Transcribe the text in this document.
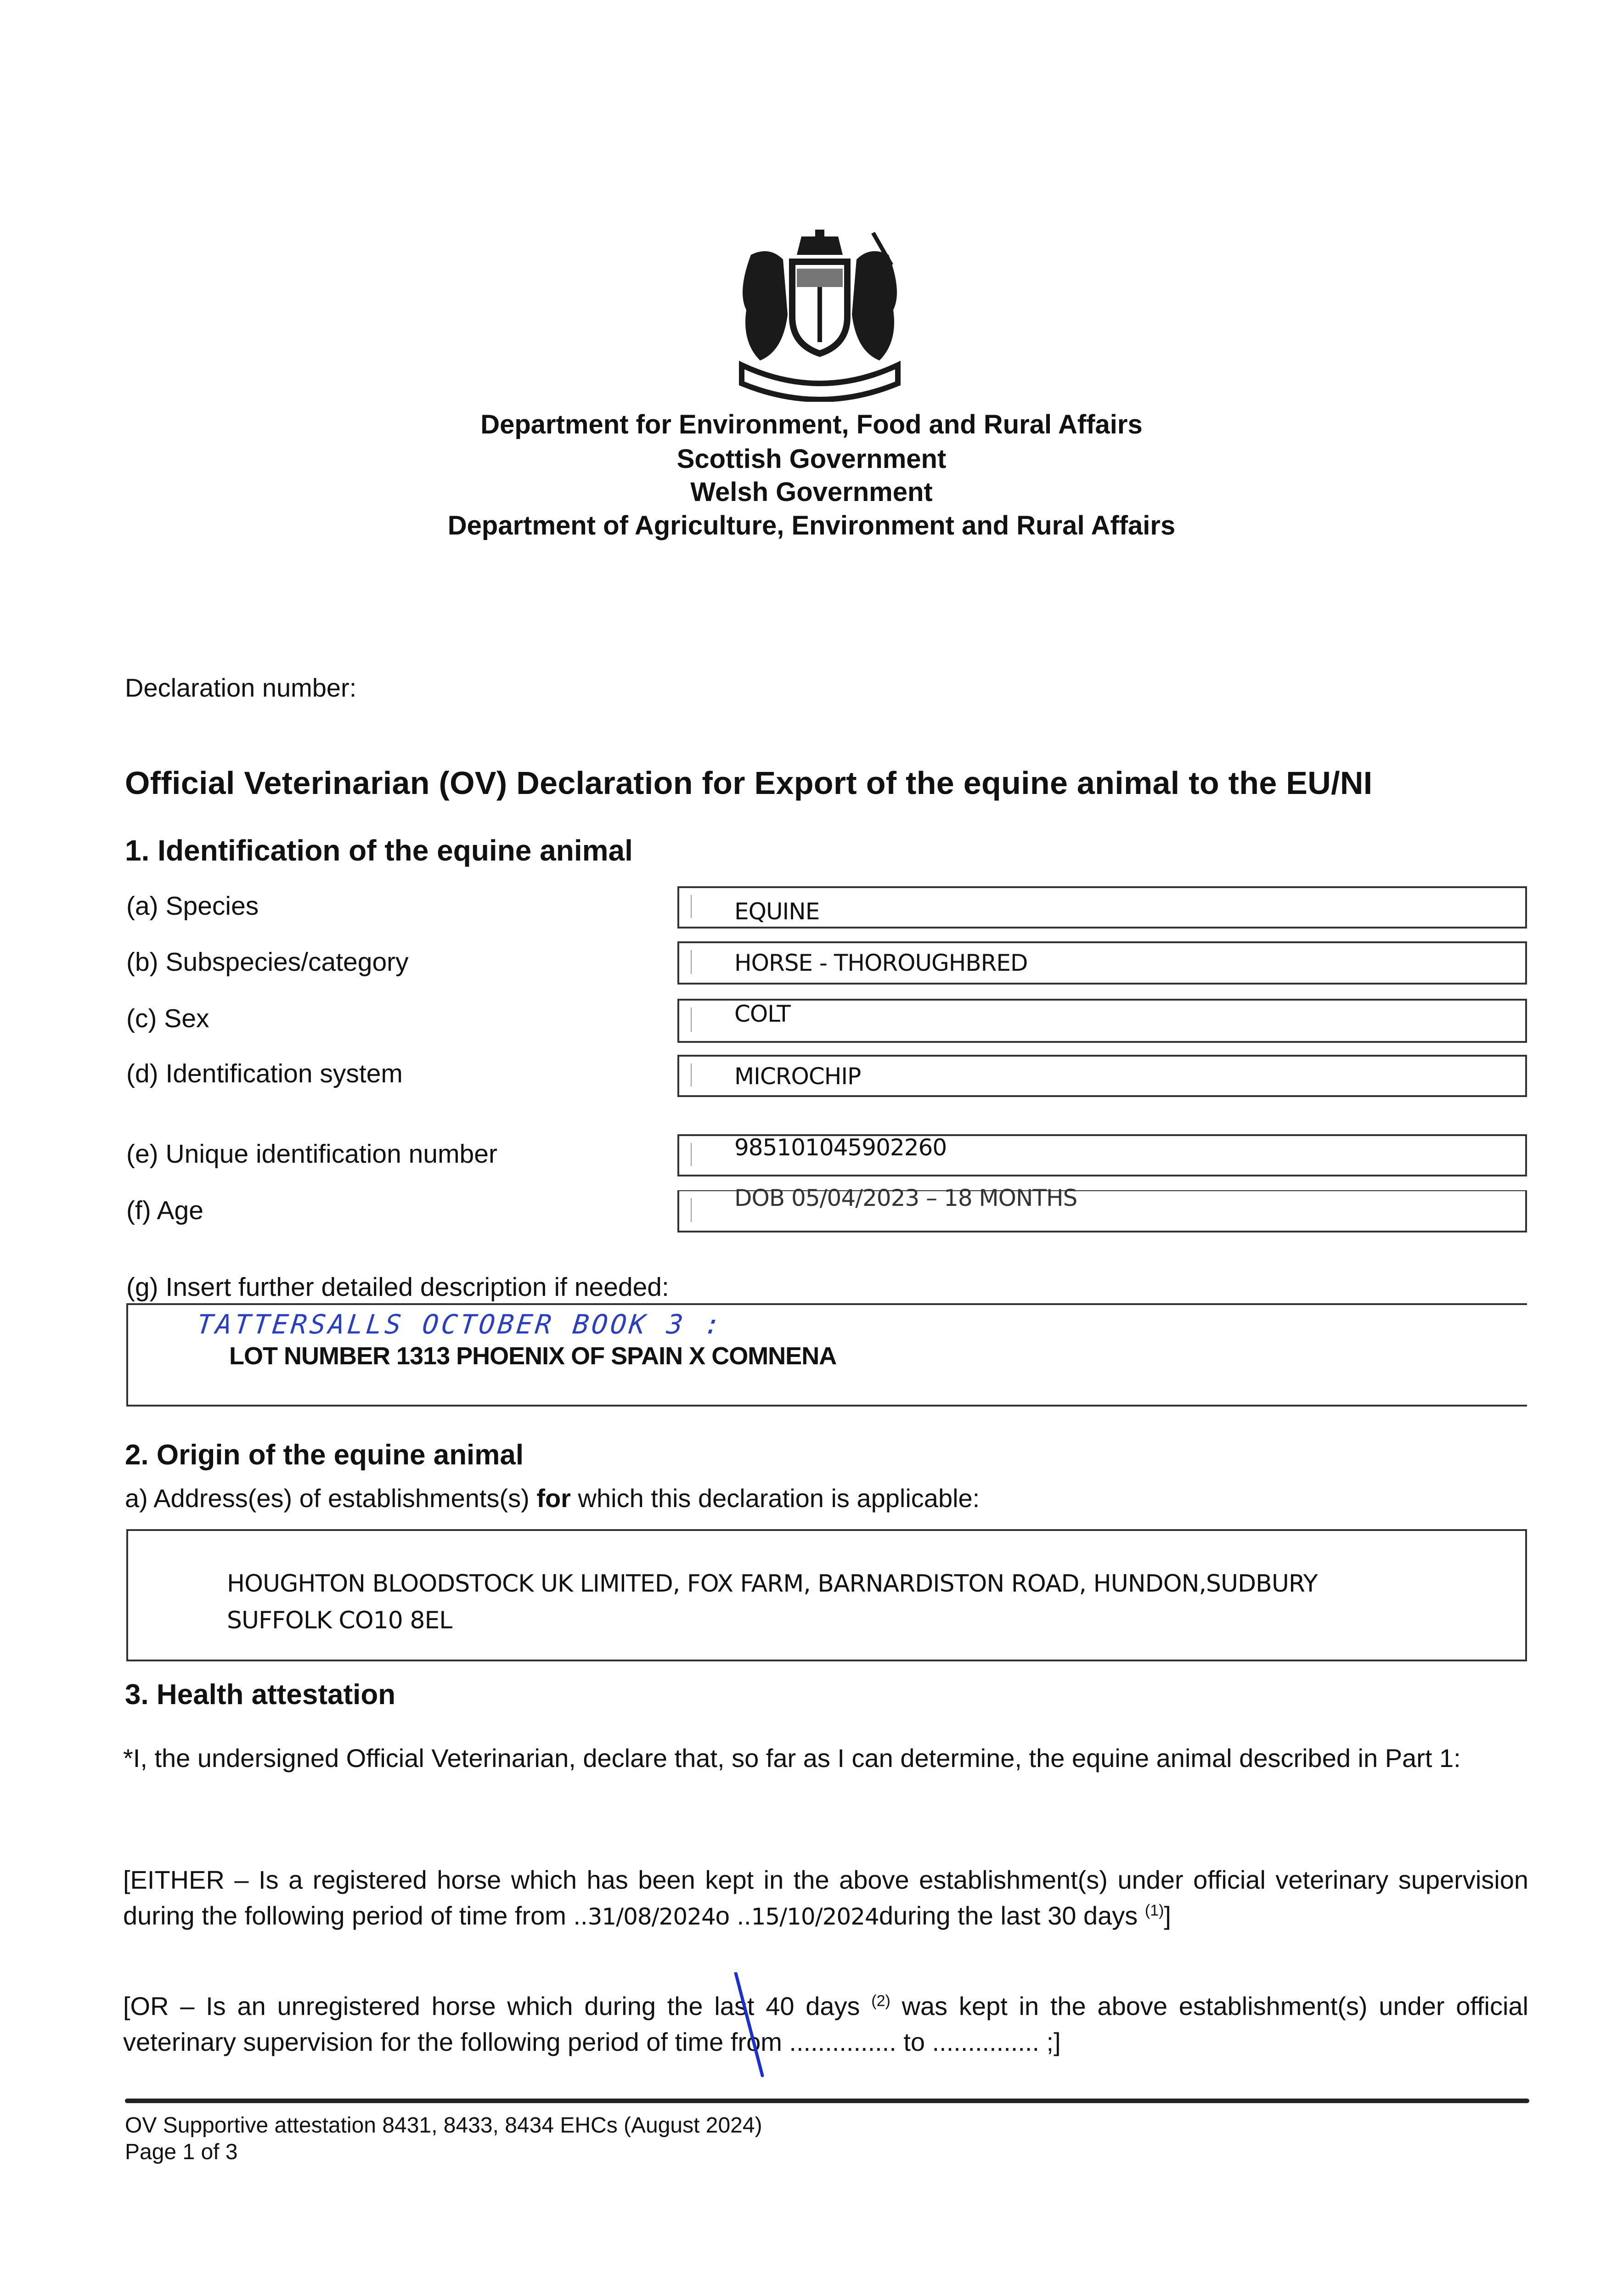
Department for Environment, Food and Rural Affairs
Scottish Government
Welsh Government
Department of Agriculture, Environment and Rural Affairs
Declaration number:
Official Veterinarian (OV) Declaration for Export of the equine animal to the EU/NI
1. Identification of the equine animal
(a) Species	EQUINE
(b) Subspecies/category	HORSE - THOROUGHBRED
(c) Sex	COLT
(d) Identification system	MICROCHIP
(e) Unique identification number	985101045902260
(f) Age	DOB 05/04/2023 – 18 MONTHS
(g) Insert further detailed description if needed:
TATTERSALLS OCTOBER BOOK 3 :
LOT NUMBER 1313 PHOENIX OF SPAIN X COMNENA
2. Origin of the equine animal
a) Address(es) of establishments(s) for which this declaration is applicable:
HOUGHTON BLOODSTOCK UK LIMITED, FOX FARM, BARNARDISTON ROAD, HUNDON,SUDBURY
SUFFOLK CO10 8EL
3. Health attestation
*I, the undersigned Official Veterinarian, declare that, so far as I can determine, the equine animal described in Part 1:
[EITHER – Is a registered horse which has been kept in the above establishment(s) under official veterinary supervision during the following period of time from ..31/08/2024o ..15/10/2024during the last 30 days $^{(1)}$]
[OR – Is an unregistered horse which during the last 40 days $^{(2)}$ was kept in the above establishment(s) under official veterinary supervision for the following period of time from ............... to ............... ;]
OV Supportive attestation 8431, 8433, 8434 EHCs (August 2024)
Page 1 of 3
